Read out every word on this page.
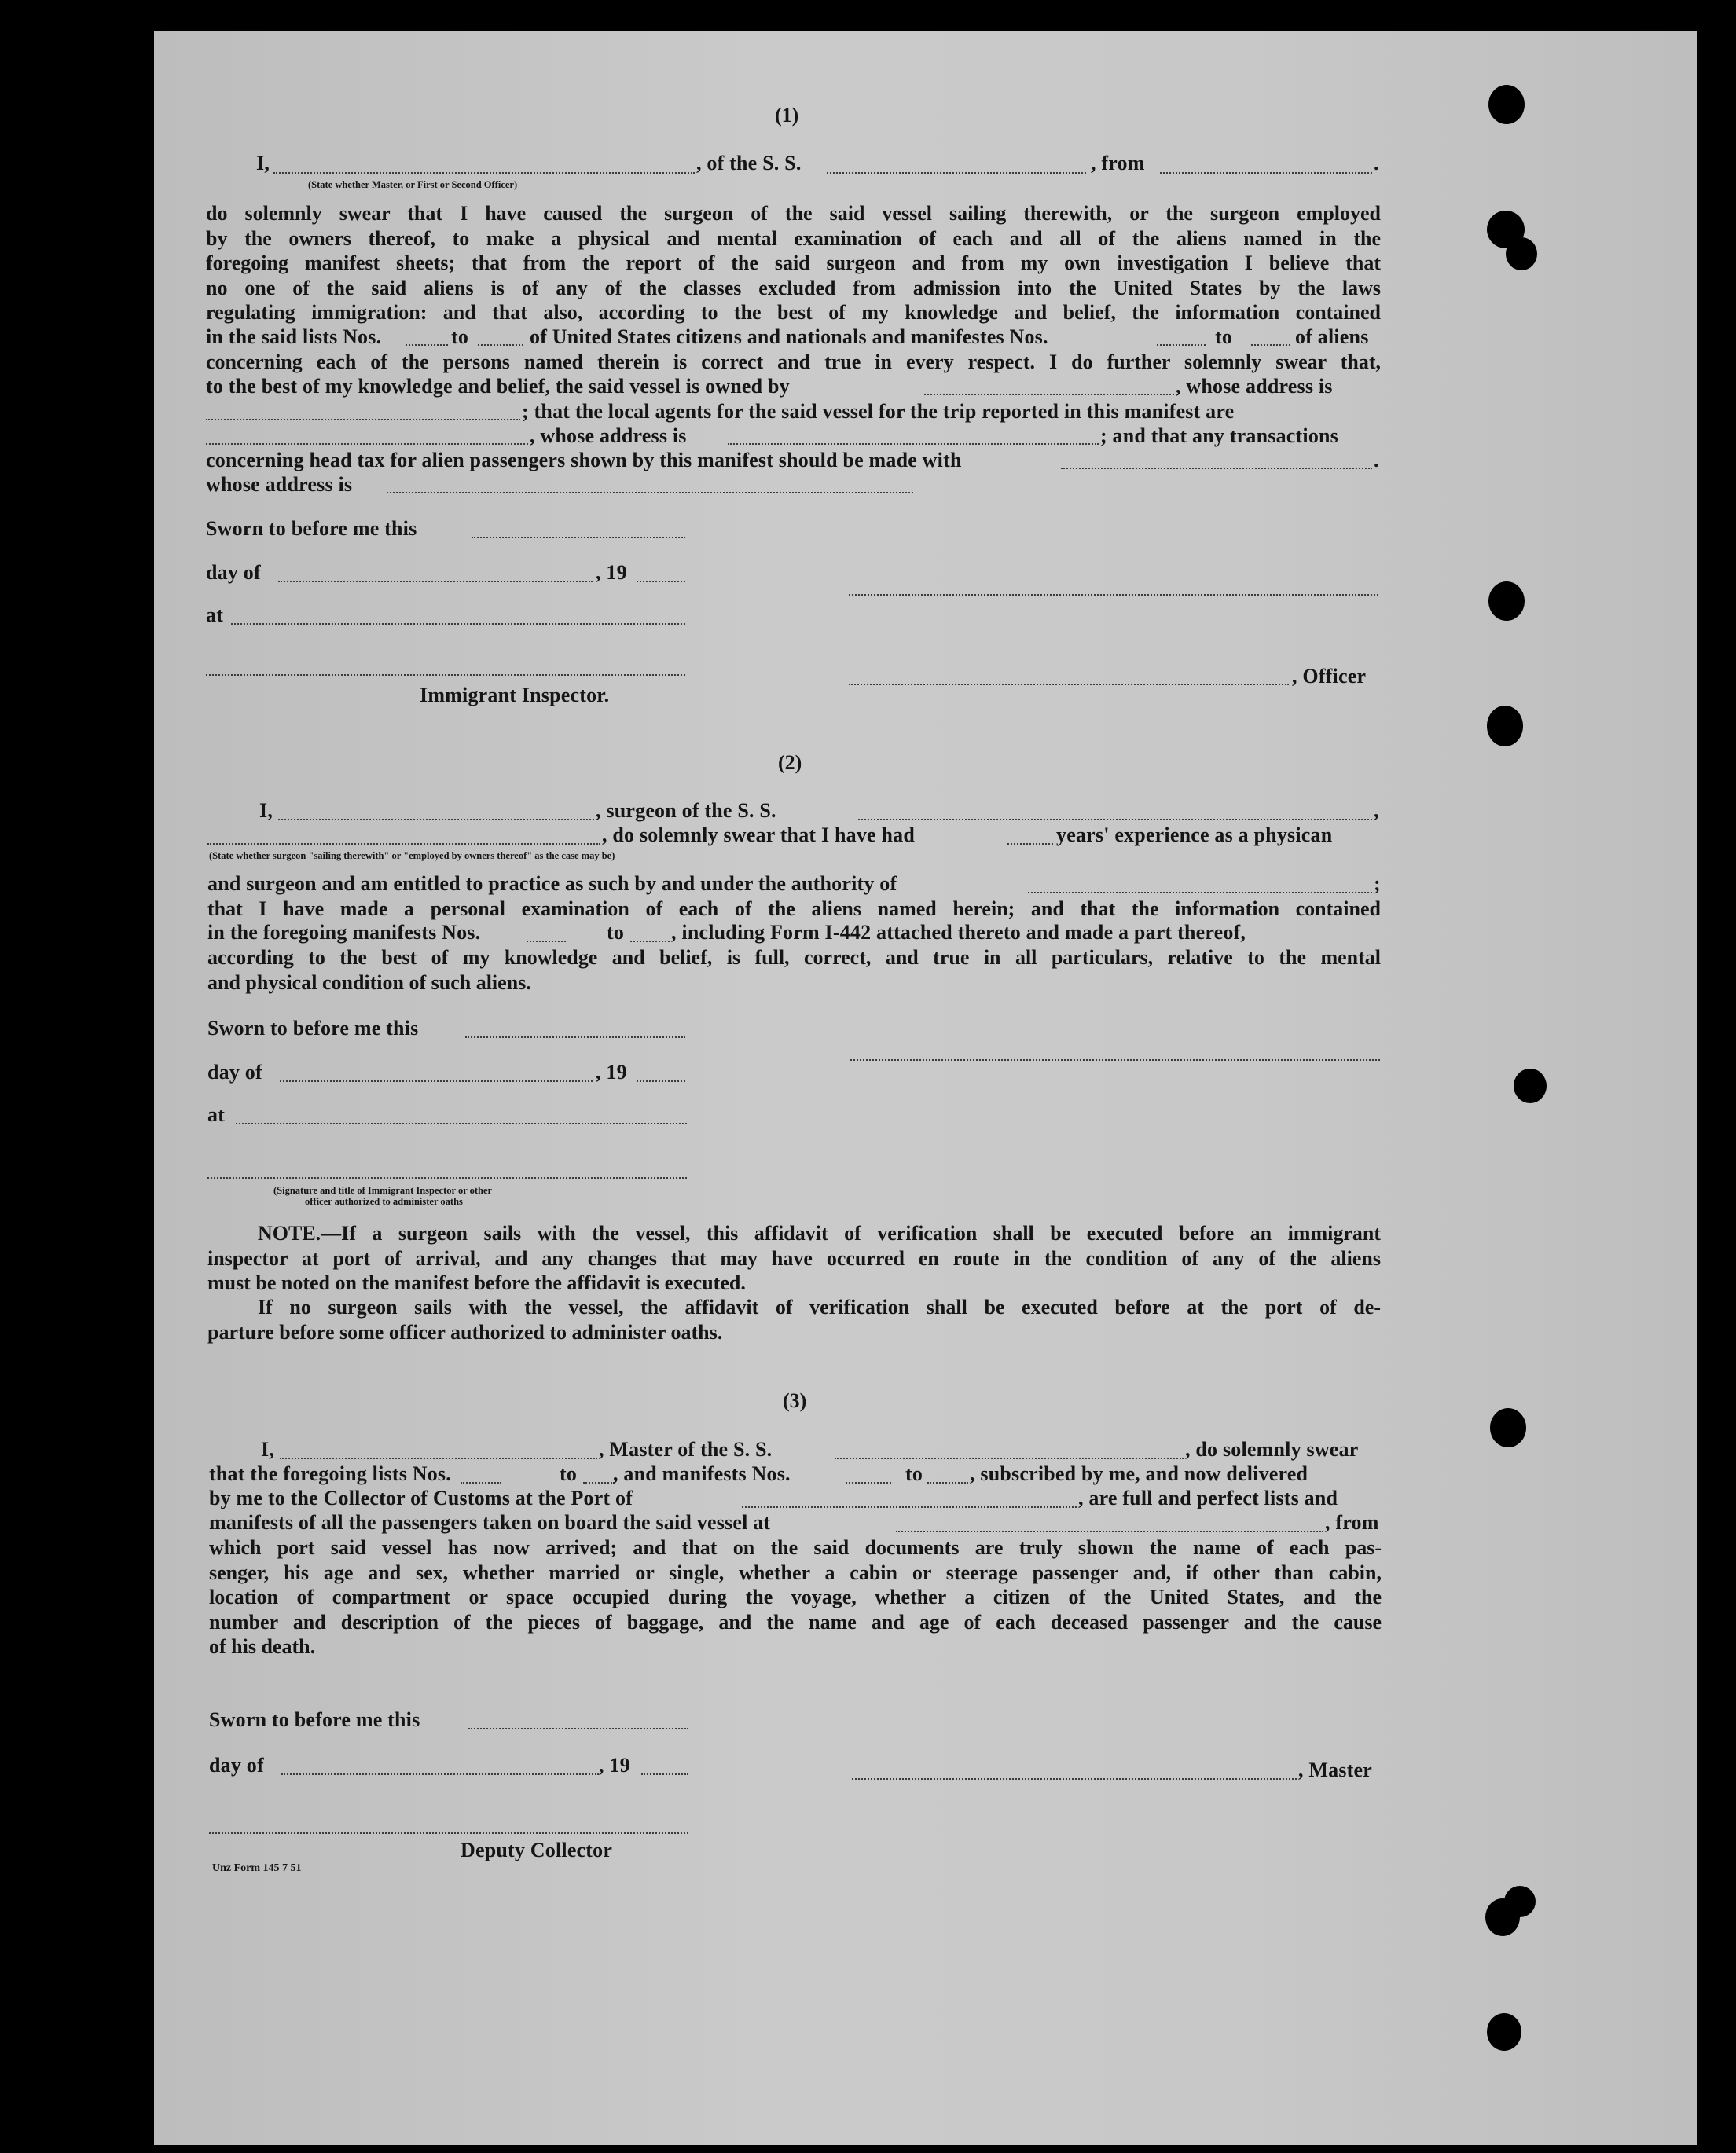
(1)
I,
(State whether Master, or First or Second Officer)
, of the S. S.	, from	.
do solemnly swear that I have caused the surgeon of the said vessel sailing therewith, or the surgeon employed
by the owners thereof, to make a physical and mental examination of each and all of the aliens named in the
foregoing manifest sheets; that from the report of the said surgeon and from my own investigation I believe that
no one of the said aliens is of any of the classes excluded from admission into the United States by the laws
regulating immigration: and that also, according to the best of my knowledge and belief, the information contained
in the said lists Nos.	to	of United States citizens and nationals and manifestes Nos.	to	of aliens
concerning each of the persons named therein is correct and true in every respect. I do further solemnly swear that,
to the best of my knowledge and belief, the said vessel is owned by	, whose address is
; that the local agents for the said vessel for the trip reported in this manifest are
, whose address is	; and that any transactions
concerning head tax for alien passengers shown by this manifest should be made with	.
whose address is
Sworn to before me this
day of	, 19
at
Immigrant Inspector.
, Officer
(2)
I,	, surgeon of the S. S.	,
(State whether surgeon "sailing therewith" or "employed by owners thereof" as the case may be)
, do solemnly swear that I have had	years' experience as a physican
and surgeon and am entitled to practice as such by and under the authority of	;
that I have made a personal examination of each of the aliens named herein; and that the information contained
in the foregoing manifests Nos.	to , including Form I-442 attached thereto and made a part thereof,
according to the best of my knowledge and belief, is full, correct, and true in all particulars, relative to the mental
and physical condition of such aliens.
Sworn to before me this
day of	, 19
at
(Signature and title of Immigrant Inspector or other
officer authorized to administer oaths
NOTE.—If a surgeon sails with the vessel, this affidavit of verification shall be executed before an immigrant
inspector at port of arrival, and any changes that may have occurred en route in the condition of any of the aliens
must be noted on the manifest before the affidavit is executed.
If no surgeon sails with the vessel, the affidavit of verification shall be executed before at the port of de-
parture before some officer authorized to administer oaths.
(3)
I,	, Master of the S. S.	, do solemnly swear
that the foregoing lists Nos.	to , and manifests Nos.	to , subscribed by me, and now delivered
by me to the Collector of Customs at the Port of	, are full and perfect lists and
manifests of all the passengers taken on board the said vessel at	, from
which port said vessel has now arrived; and that on the said documents are truly shown the name of each pas-
senger, his age and sex, whether married or single, whether a cabin or steerage passenger and, if other than cabin,
location of compartment or space occupied during the voyage, whether a citizen of the United States, and the
number and description of the pieces of baggage, and the name and age of each deceased passenger and the cause
of his death.
Sworn to before me this
day of	, 19	, Master
Deputy Collector
Unz Form 145 7 51
